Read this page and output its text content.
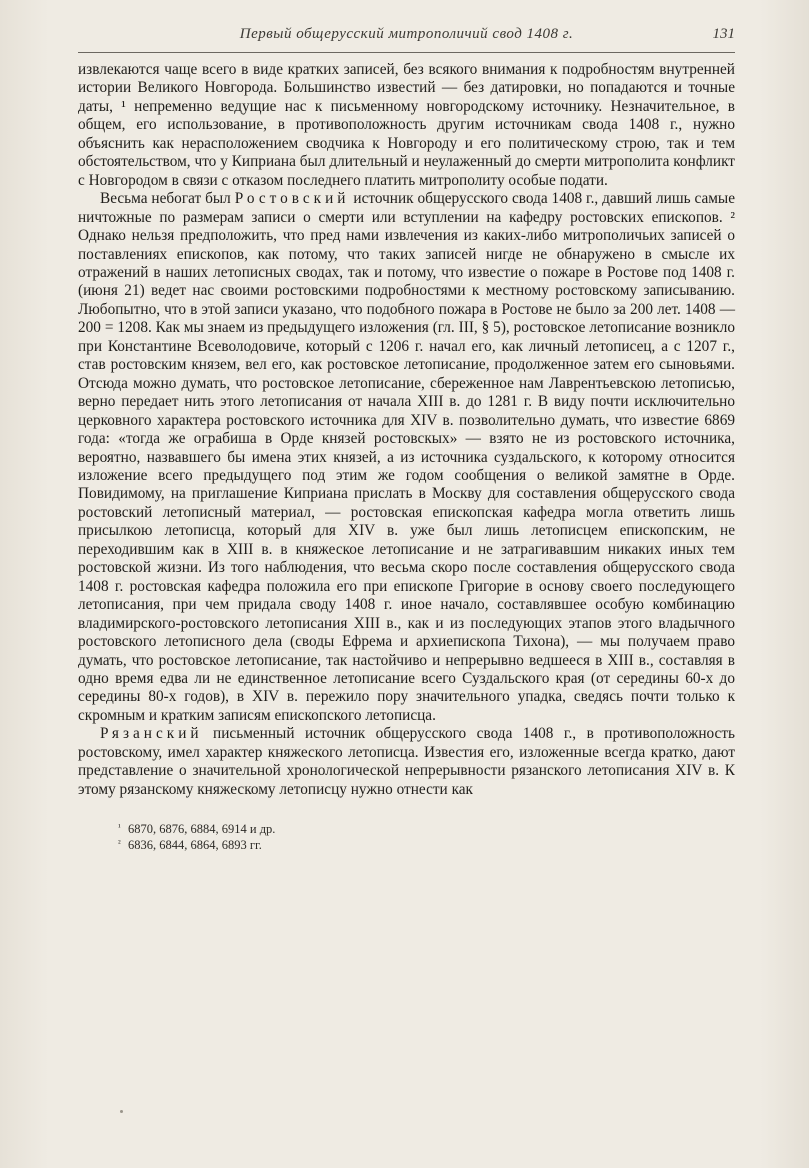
Первый общерусский митрополичий свод 1408 г.	131

извлекаются чаще всего в виде кратких записей, без всякого внимания к подробностям внутренней истории Великого Новгорода. Большинство известий — без датировки, но попадаются и точные даты, ¹ непременно ведущие нас к письменному новгородскому источнику. Незначительное, в общем, его использование, в противоположность другим источникам свода 1408 г., нужно объяснить как нерасположением сводчика к Новгороду и его политическому строю, так и тем обстоятельством, что у Киприана был длительный и неулаженный до смерти митрополита конфликт с Новгородом в связи с отказом последнего платить митрополиту особые подати.

Весьма небогат был Ростовский источник общерусского свода 1408 г., давший лишь самые ничтожные по размерам записи о смерти или вступлении на кафедру ростовских епископов. ² Однако нельзя предположить, что пред нами извлечения из каких-либо митрополичьих записей о поставлениях епископов, как потому, что таких записей нигде не обнаружено в смысле их отражений в наших летописных сводах, так и потому, что известие о пожаре в Ростове под 1408 г. (июня 21) ведет нас своими ростовскими подробностями к местному ростовскому записыванию. Любопытно, что в этой записи указано, что подобного пожара в Ростове не было за 200 лет. 1408 — 200 = 1208. Как мы знаем из предыдущего изложения (гл. III, § 5), ростовское летописание возникло при Константине Всеволодовиче, который с 1206 г. начал его, как личный летописец, а с 1207 г., став ростовским князем, вел его, как ростовское летописание, продолженное затем его сыновьями. Отсюда можно думать, что ростовское летописание, сбереженное нам Лаврентьевскою летописью, верно передает нить этого летописания от начала XIII в. до 1281 г. В виду почти исключительно церковного характера ростовского источника для XIV в. позволительно думать, что известие 6869 года: «тогда же ограбиша в Орде князей ростовскых» — взято не из ростовского источника, вероятно, назвавшего бы имена этих князей, а из источника суздальского, к которому относится изложение всего предыдущего под этим же годом сообщения о великой замятне в Орде. Повидимому, на приглашение Киприана прислать в Москву для составления общерусского свода ростовский летописный материал, — ростовская епископская кафедра могла ответить лишь присылкою летописца, который для XIV в. уже был лишь летописцем епископским, не переходившим как в XIII в. в княжеское летописание и не затрагивавшим никаких иных тем ростовской жизни. Из того наблюдения, что весьма скоро после составления общерусского свода 1408 г. ростовская кафедра положила его при епископе Григорие в основу своего последующего летописания, при чем придала своду 1408 г. иное начало, составлявшее особую комбинацию владимирского-ростовского летописания XIII в., как и из последующих этапов этого владычного ростовского летописного дела (своды Ефрема и архиепископа Тихона), — мы получаем право думать, что ростовское летописание, так настойчиво и непрерывно ведшееся в XIII в., составляя в одно время едва ли не единственное летописание всего Суздальского края (от середины 60-х до середины 80-х годов), в XIV в. пережило пору значительного упадка, сведясь почти только к скромным и кратким записям епископского летописца.

Рязанский письменный источник общерусского свода 1408 г., в противоположность ростовскому, имел характер княжеского летописца. Известия его, изложенные всегда кратко, дают представление о значительной хронологической непрерывности рязанского летописания XIV в. К этому рязанскому княжескому летописцу нужно отнести как

¹ 6870, 6876, 6884, 6914 и др.
² 6836, 6844, 6864, 6893 гг.
